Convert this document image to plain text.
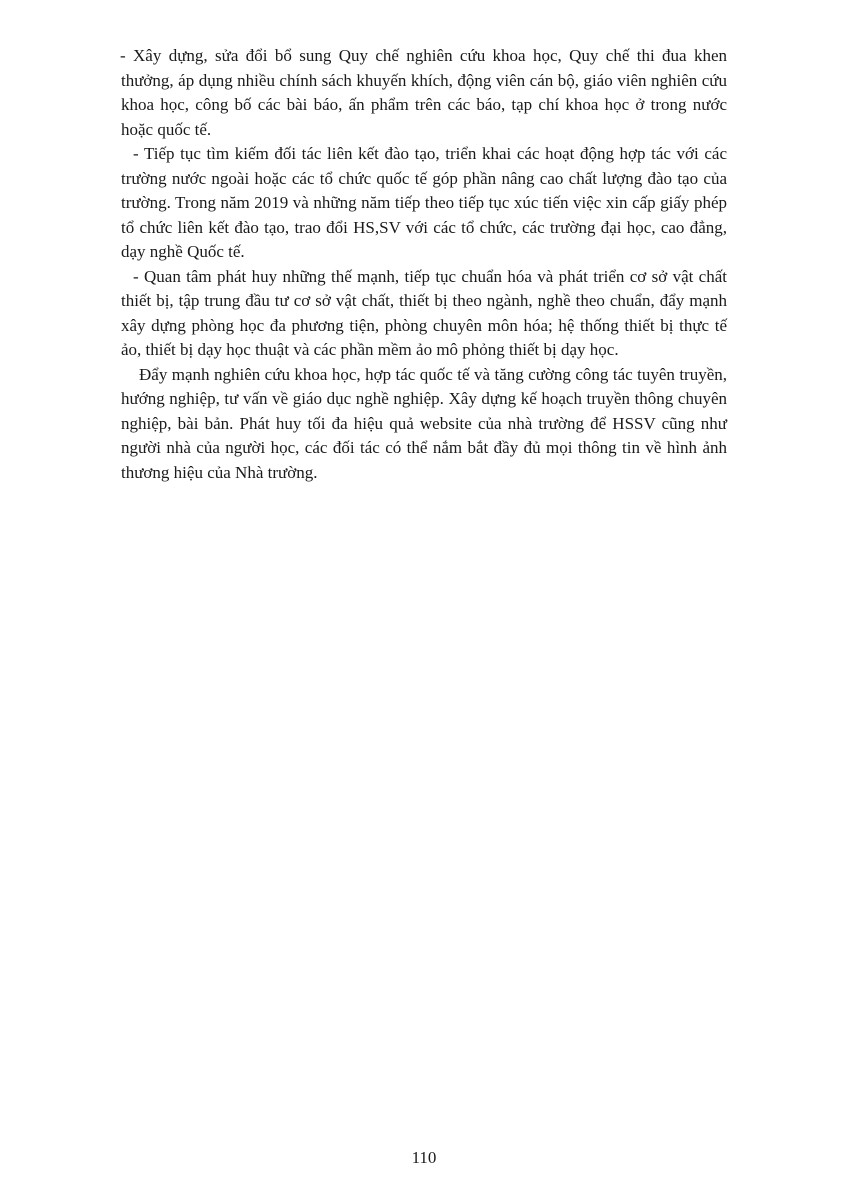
- Xây dựng, sửa đổi bổ sung Quy chế nghiên cứu khoa học, Quy chế thi đua khen thưởng, áp dụng nhiều chính sách khuyến khích, động viên cán bộ, giáo viên nghiên cứu khoa học, công bố các bài báo, ấn phẩm trên các báo, tạp chí khoa học ở trong nước hoặc quốc tế.

- Tiếp tục tìm kiếm đối tác liên kết đào tạo, triển khai các hoạt động hợp tác với các trường nước ngoài hoặc các tổ chức quốc tế góp phần nâng cao chất lượng đào tạo của trường. Trong năm 2019 và những năm tiếp theo tiếp tục xúc tiến việc xin cấp giấy phép tổ chức liên kết đào tạo, trao đổi HS,SV với các tổ chức, các trường đại học, cao đẳng, dạy nghề Quốc tế.

- Quan tâm phát huy những thế mạnh, tiếp tục chuẩn hóa và phát triển cơ sở vật chất thiết bị, tập trung đầu tư cơ sở vật chất, thiết bị theo ngành, nghề theo chuẩn, đẩy mạnh xây dựng phòng học đa phương tiện, phòng chuyên môn hóa; hệ thống thiết bị thực tế ảo, thiết bị dạy học thuật và các phần mềm ảo mô phỏng thiết bị dạy học.

Đẩy mạnh nghiên cứu khoa học, hợp tác quốc tế và tăng cường công tác tuyên truyền, hướng nghiệp, tư vấn về giáo dục nghề nghiệp. Xây dựng kế hoạch truyền thông chuyên nghiệp, bài bản. Phát huy tối đa hiệu quả website của nhà trường để HSSV cũng như người nhà của người học, các đối tác có thể nắm bắt đầy đủ mọi thông tin về hình ảnh thương hiệu của Nhà trường.

110
